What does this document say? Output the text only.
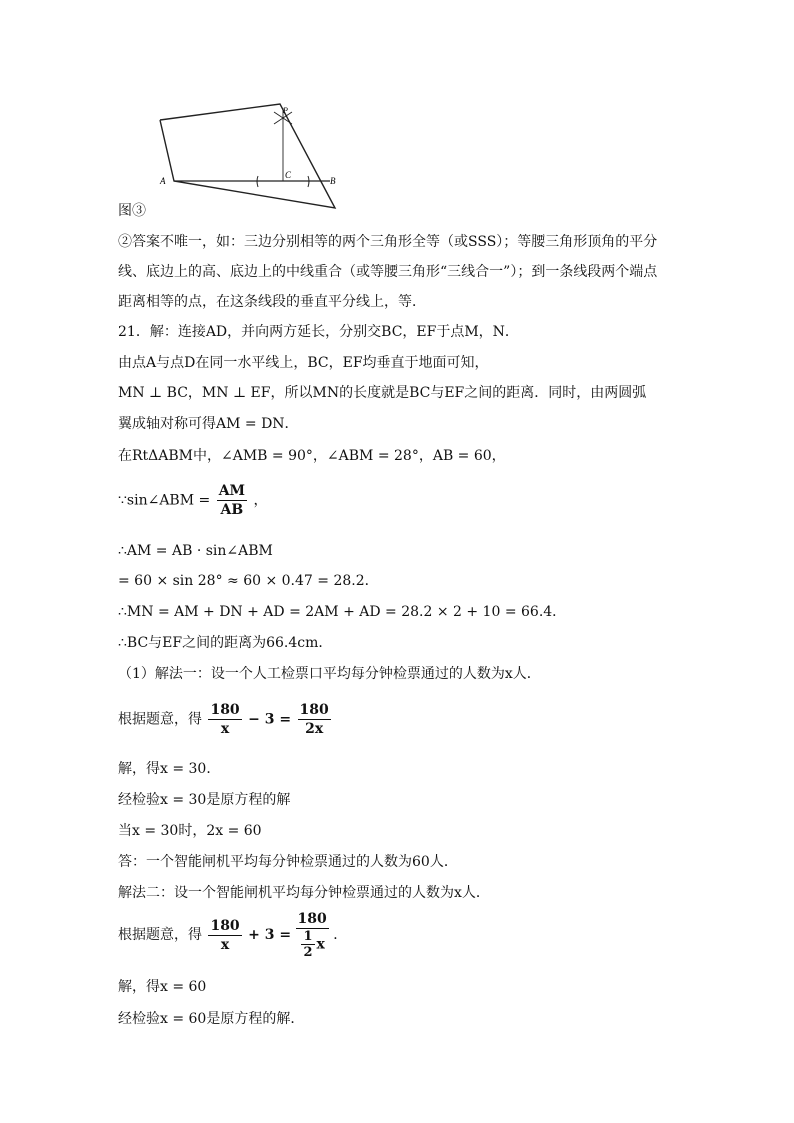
A	B
C
P
图③
②答案不唯一，如：三边分别相等的两个三角形全等（或SSS）；等腰三角形顶角的平分
线、底边上的高、底边上的中线重合（或等腰三角形“三线合一”）；到一条线段两个端点
距离相等的点，在这条线段的垂直平分线上，等．
21．解：连接AD，并向两方延长，分别交BC，EF于点M，N．
由点A与点D在同一水平线上，BC，EF均垂直于地面可知，
MN ⊥ BC，MN ⊥ EF，所以MN的长度就是BC与EF之间的距离．同时，由两圆弧
翼成轴对称可得AM = DN．
在RtΔABM中，∠AMB = 90°，∠ABM = 28°，AB = 60，
∵sin∠ABM = $\frac{AM}{AB}$ ，
∴AM = AB · sin∠ABM
= 60 × sin 28° ≈ 60 × 0.47 = 28.2．
∴MN = AM + DN + AD = 2AM + AD = 28.2 × 2 + 10 = 66.4．
∴BC与EF之间的距离为66.4cm．
（1）解法一：设一个人工检票口平均每分钟检票通过的人数为x人．
根据题意，得 $\frac{180}{x} - 3 = \frac{180}{2x}$
解，得x = 30．
经检验x = 30是原方程的解
当x = 30时，2x = 60
答：一个智能闸机平均每分钟检票通过的人数为60人．
解法二：设一个智能闸机平均每分钟检票通过的人数为x人．
根据题意，得 $\frac{180}{x} + 3 = \frac{180}{\frac{1}{2} x}$ ．
解，得x = 60
经检验x = 60是原方程的解．
